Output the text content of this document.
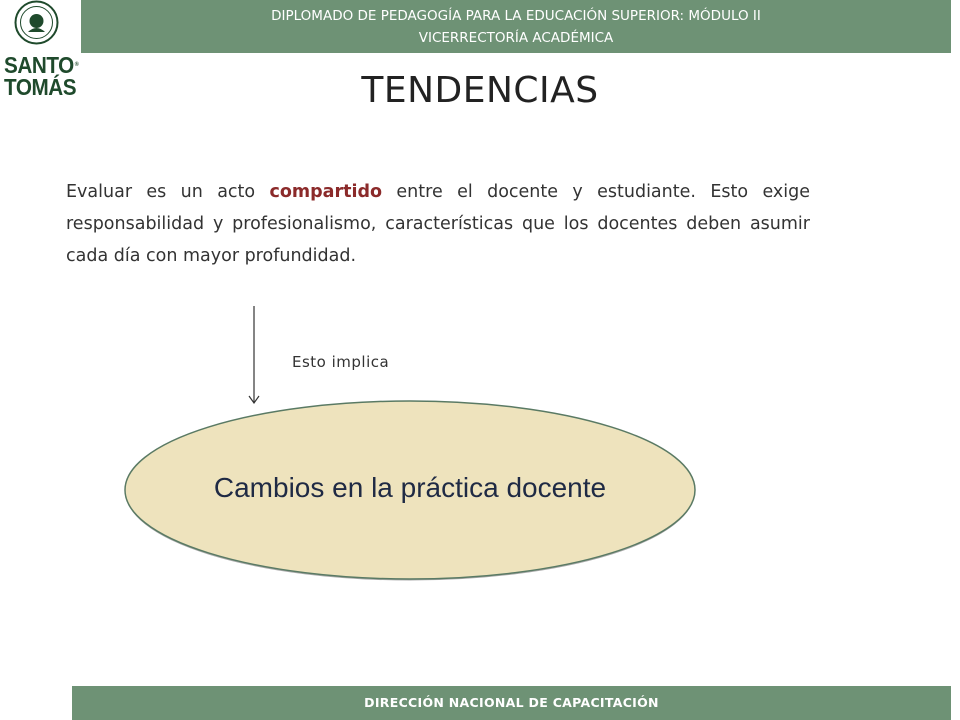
DIPLOMADO DE PEDAGOGÍA PARA LA EDUCACIÓN SUPERIOR: MÓDULO II
VICERRECTORÍA ACADÉMICA
SANTO®
TOMÁS	TENDENCIAS
Evaluar es un acto compartido entre el docente y estudiante. Esto exige responsabilidad y profesionalismo, características que los docentes deben asumir cada día con mayor profundidad.
Esto implica
Cambios en la práctica docente
DIRECCIÓN NACIONAL DE CAPACITACIÓN
